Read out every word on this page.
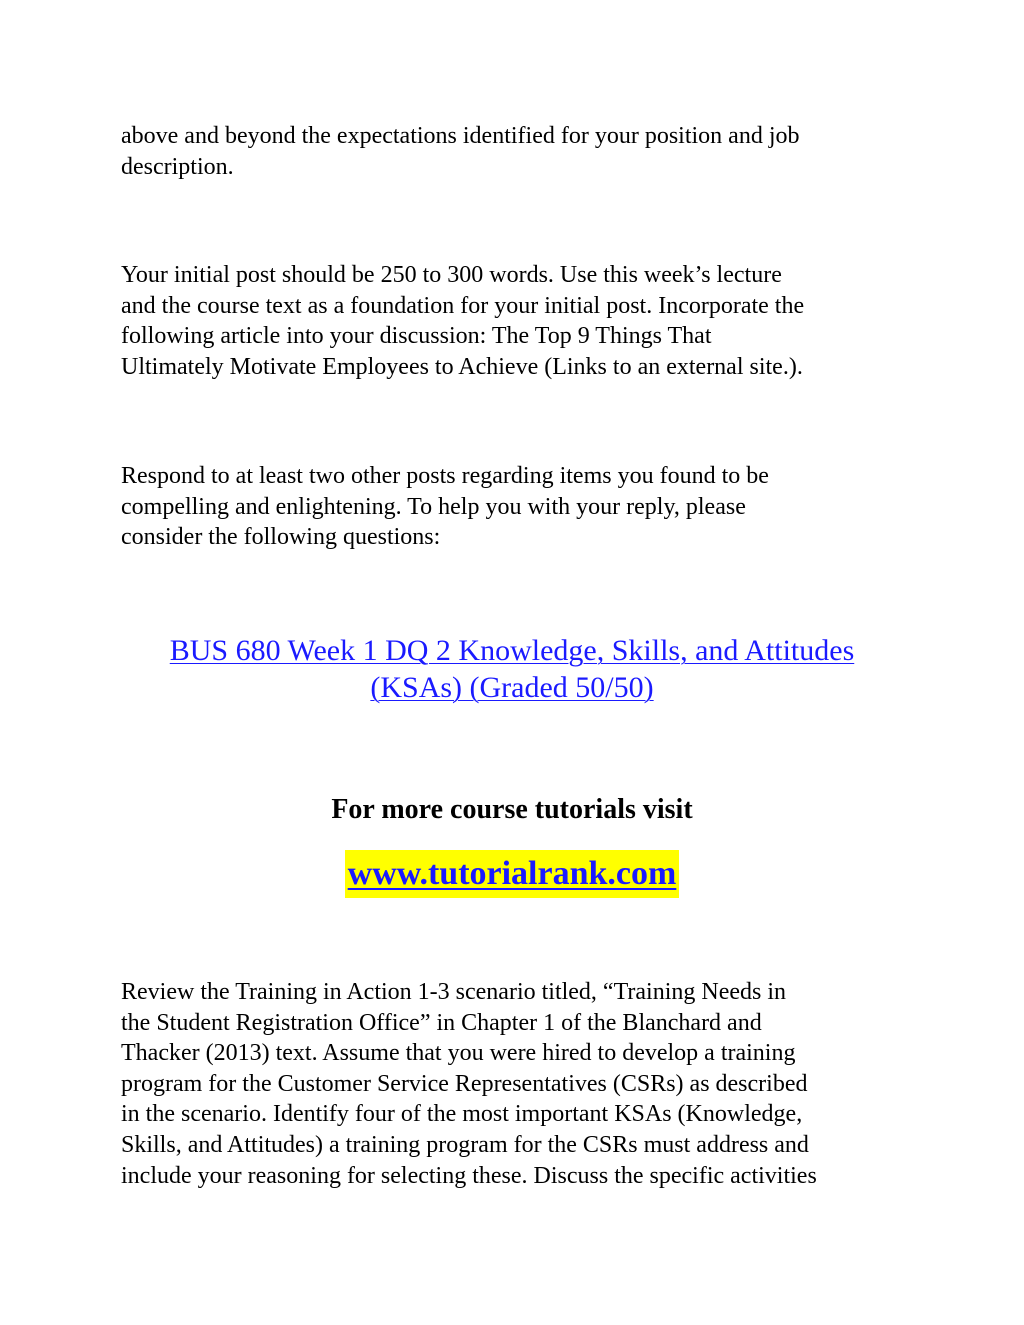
above and beyond the expectations identified for your position and job
description.

Your initial post should be 250 to 300 words. Use this week’s lecture
and the course text as a foundation for your initial post. Incorporate the
following article into your discussion: The Top 9 Things That
Ultimately Motivate Employees to Achieve (Links to an external site.).

Respond to at least two other posts regarding items you found to be
compelling and enlightening. To help you with your reply, please
consider the following questions:

BUS 680 Week 1 DQ 2 Knowledge, Skills, and Attitudes
(KSAs) (Graded 50/50)
For more course tutorials visit
www.tutorialrank.com

Review the Training in Action 1-3 scenario titled, “Training Needs in
the Student Registration Office” in Chapter 1 of the Blanchard and
Thacker (2013) text. Assume that you were hired to develop a training
program for the Customer Service Representatives (CSRs) as described
in the scenario. Identify four of the most important KSAs (Knowledge,
Skills, and Attitudes) a training program for the CSRs must address and
include your reasoning for selecting these. Discuss the specific activities
